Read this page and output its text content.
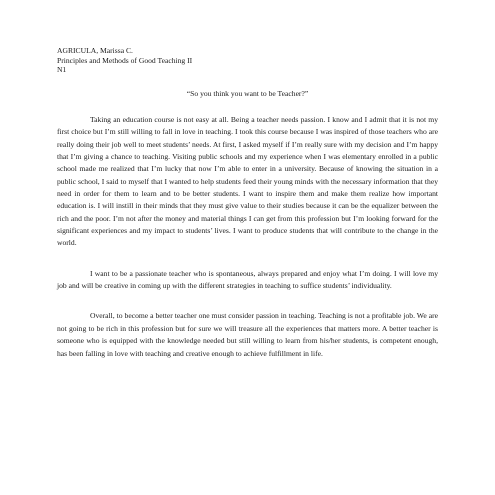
AGRICULA, Marissa C.
Principles and Methods of Good Teaching II
N1
“So you think you want to be Teacher?”

Taking an education course is not easy at all. Being a teacher needs passion. I know and I admit that it is not my first choice but I’m still willing to fall in love in teaching. I took this course because I was inspired of those teachers who are really doing their job well to meet students’ needs. At first, I asked myself if I’m really sure with my decision and I’m happy that I’m giving a chance to teaching. Visiting public schools and my experience when I was elementary enrolled in a public school made me realized that I’m lucky that now I’m able to enter in a university. Because of knowing the situation in a public school, I said to myself that I wanted to help students feed their young minds with the necessary information that they need in order for them to learn and to be better students. I want to inspire them and make them realize how important education is. I will instill in their minds that they must give value to their studies because it can be the equalizer between the rich and the poor. I’m not after the money and material things I can get from this profession but I’m looking forward for the significant experiences and my impact to students’ lives. I want to produce students that will contribute to the change in the world.

I want to be a passionate teacher who is spontaneous, always prepared and enjoy what I’m doing. I will love my job and will be creative in coming up with the different strategies in teaching to suffice students’ individuality.

Overall, to become a better teacher one must consider passion in teaching. Teaching is not a profitable job. We are not going to be rich in this profession but for sure we will treasure all the experiences that matters more. A better teacher is someone who is equipped with the knowledge needed but still willing to learn from his/her students, is competent enough, has been falling in love with teaching and creative enough to achieve fulfillment in life.
